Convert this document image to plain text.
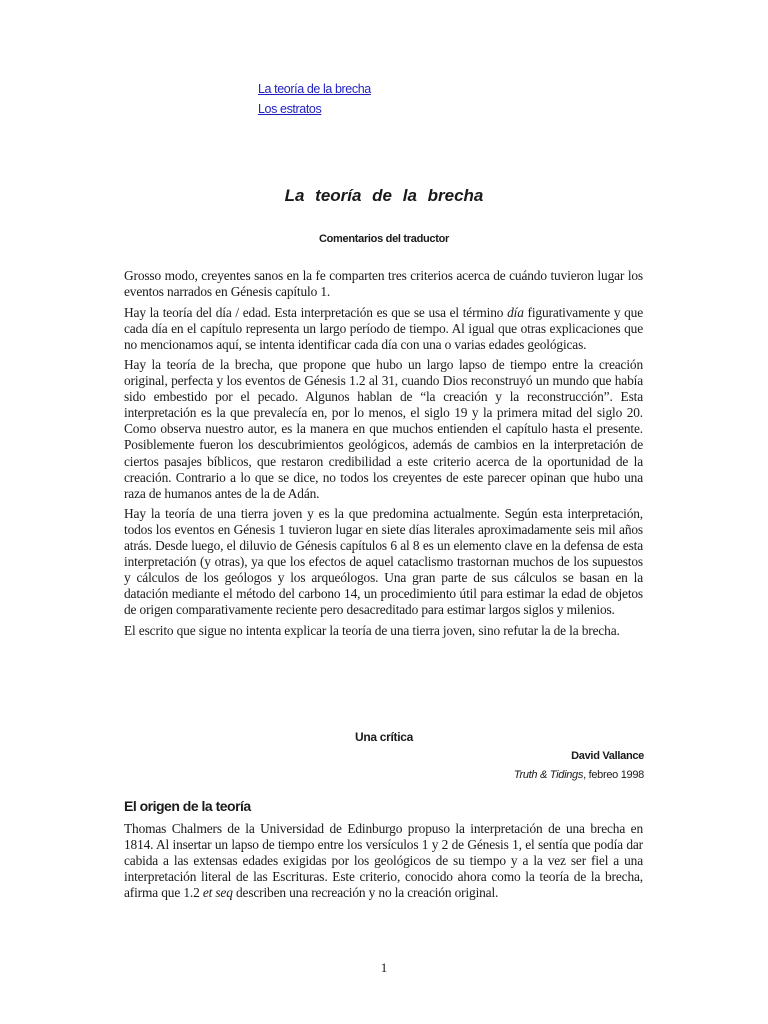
La teoría de la brecha
Los estratos
La teoría de la brecha
Comentarios del traductor

Grosso modo, creyentes sanos en la fe comparten tres criterios acerca de cuándo tuvieron lugar los eventos narrados en Génesis capítulo 1.

Hay la teoría del día / edad. Esta interpretación es que se usa el término día figurativamente y que cada día en el capítulo representa un largo período de tiempo. Al igual que otras explicaciones que no mencionamos aquí, se intenta identificar cada día con una o varias edades geológicas.

Hay la teoría de la brecha, que propone que hubo un largo lapso de tiempo entre la creación original, perfecta y los eventos de Génesis 1.2 al 31, cuando Dios reconstruyó un mundo que había sido embestido por el pecado. Algunos hablan de “la creación y la reconstrucción”. Esta interpretación es la que prevalecía en, por lo menos, el siglo 19 y la primera mitad del siglo 20. Como observa nuestro autor, es la manera en que muchos entienden el capítulo hasta el presente. Posiblemente fueron los descubrimientos geológicos, además de cambios en la interpretación de ciertos pasajes bíblicos, que restaron credibilidad a este criterio acerca de la oportunidad de la creación. Contrario a lo que se dice, no todos los creyentes de este parecer opinan que hubo una raza de humanos antes de la de Adán.

Hay la teoría de una tierra joven y es la que predomina actualmente. Según esta interpretación, todos los eventos en Génesis 1 tuvieron lugar en siete días literales aproximadamente seis mil años atrás. Desde luego, el diluvio de Génesis capítulos 6 al 8 es un elemento clave en la defensa de esta interpretación (y otras), ya que los efectos de aquel cataclismo trastornan muchos de los supuestos y cálculos de los geólogos y los arqueólogos. Una gran parte de sus cálculos se basan en la datación mediante el método del carbono 14, un procedimiento útil para estimar la edad de objetos de origen comparativamente reciente pero desacreditado para estimar largos siglos y milenios.

El escrito que sigue no intenta explicar la teoría de una tierra joven, sino refutar la de la brecha.

Una crítica
David Vallance
Truth & Tidings, febreo 1998
El origen de la teoría

Thomas Chalmers de la Universidad de Edinburgo propuso la interpretación de una brecha en 1814. Al insertar un lapso de tiempo entre los versículos 1 y 2 de Génesis 1, el sentía que podía dar cabida a las extensas edades exigidas por los geológicos de su tiempo y a la vez ser fiel a una interpretación literal de las Escrituras. Este criterio, conocido ahora como la teoría de la brecha, afirma que 1.2 et seq describen una recreación y no la creación original.

1
